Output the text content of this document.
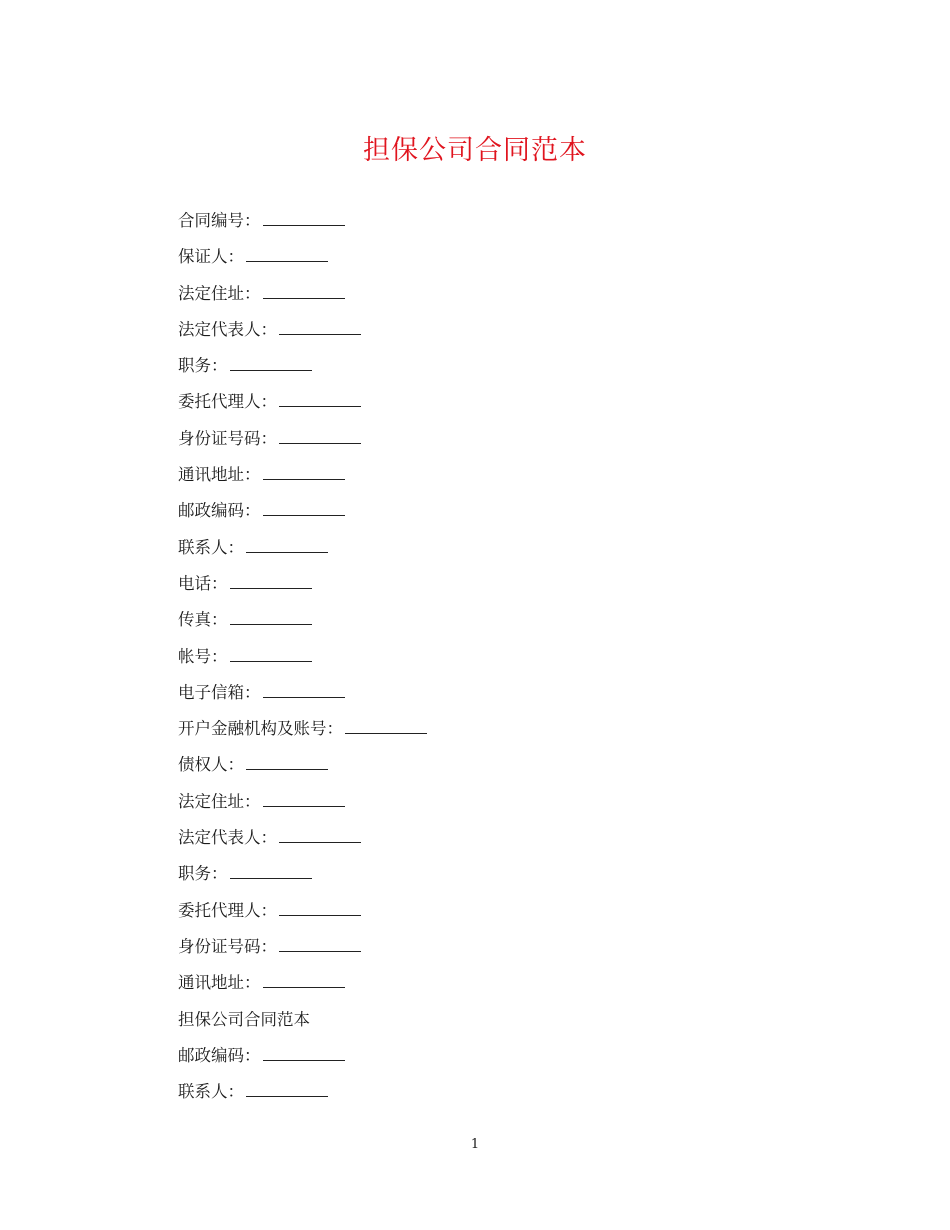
担保公司合同范本
合同编号：
保证人：
法定住址：
法定代表人：
职务：
委托代理人：
身份证号码：
通讯地址：
邮政编码：
联系人：
电话：
传真：
帐号：
电子信箱：
开户金融机构及账号：
债权人：
法定住址：
法定代表人：
职务：
委托代理人：
身份证号码：
通讯地址：
担保公司合同范本
邮政编码：
联系人：
1
